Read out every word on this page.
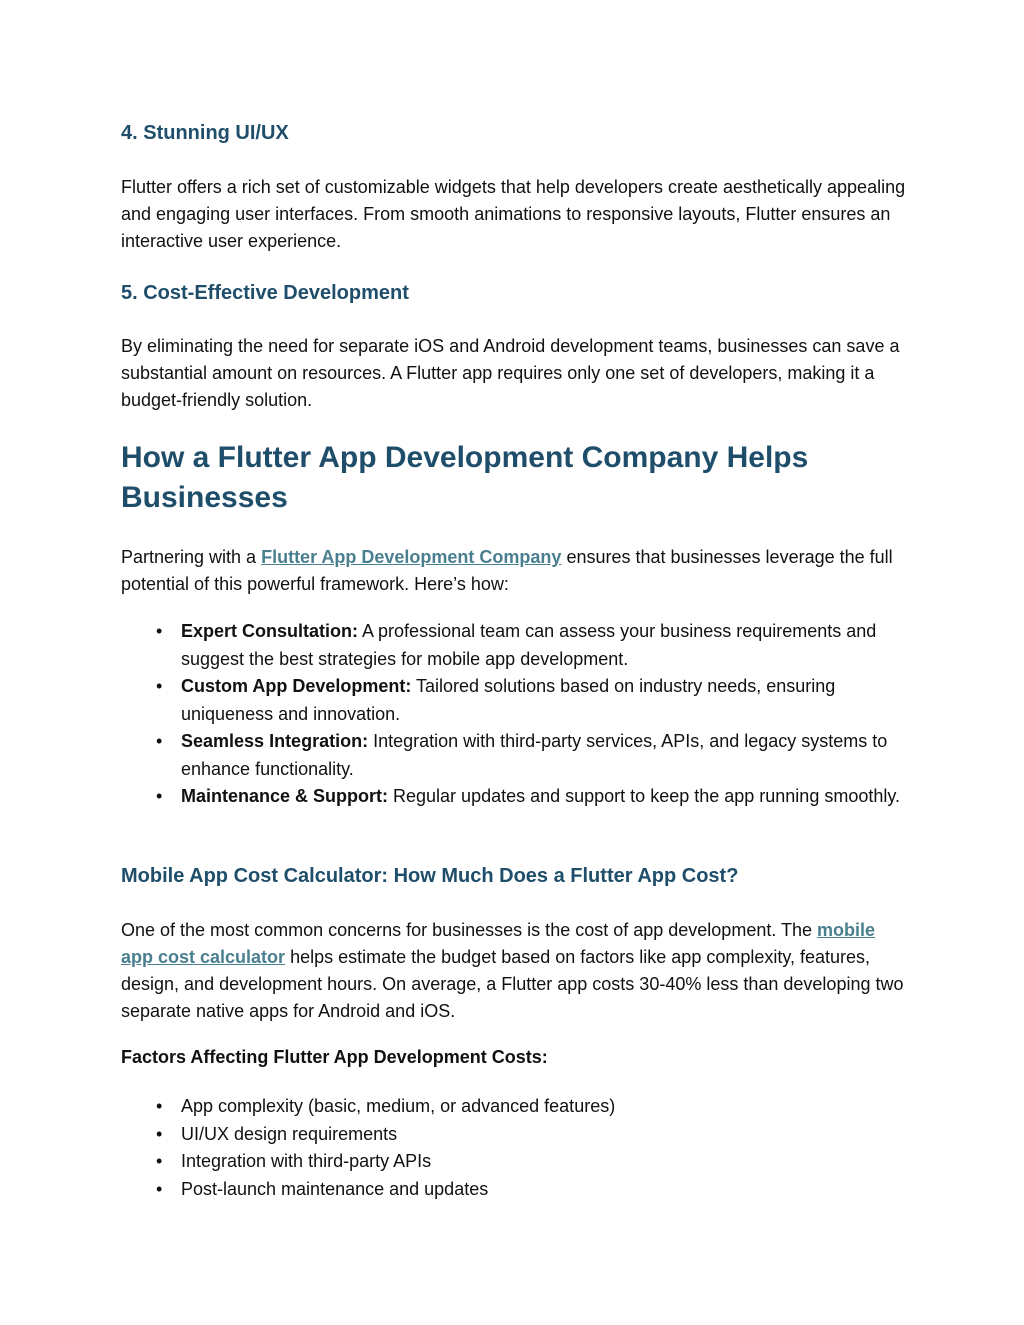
4. Stunning UI/UX

Flutter offers a rich set of customizable widgets that help developers create aesthetically appealing and engaging user interfaces. From smooth animations to responsive layouts, Flutter ensures an interactive user experience.

5. Cost-Effective Development

By eliminating the need for separate iOS and Android development teams, businesses can save a substantial amount on resources. A Flutter app requires only one set of developers, making it a budget-friendly solution.

How a Flutter App Development Company Helps Businesses

Partnering with a Flutter App Development Company ensures that businesses leverage the full potential of this powerful framework. Here’s how:

• Expert Consultation: A professional team can assess your business requirements and suggest the best strategies for mobile app development.
• Custom App Development: Tailored solutions based on industry needs, ensuring uniqueness and innovation.
• Seamless Integration: Integration with third-party services, APIs, and legacy systems to enhance functionality.
• Maintenance & Support: Regular updates and support to keep the app running smoothly.
Mobile App Cost Calculator: How Much Does a Flutter App Cost?

One of the most common concerns for businesses is the cost of app development. The mobile app cost calculator helps estimate the budget based on factors like app complexity, features, design, and development hours. On average, a Flutter app costs 30-40% less than developing two separate native apps for Android and iOS.

Factors Affecting Flutter App Development Costs:
• App complexity (basic, medium, or advanced features)
• UI/UX design requirements
• Integration with third-party APIs
• Post-launch maintenance and updates
